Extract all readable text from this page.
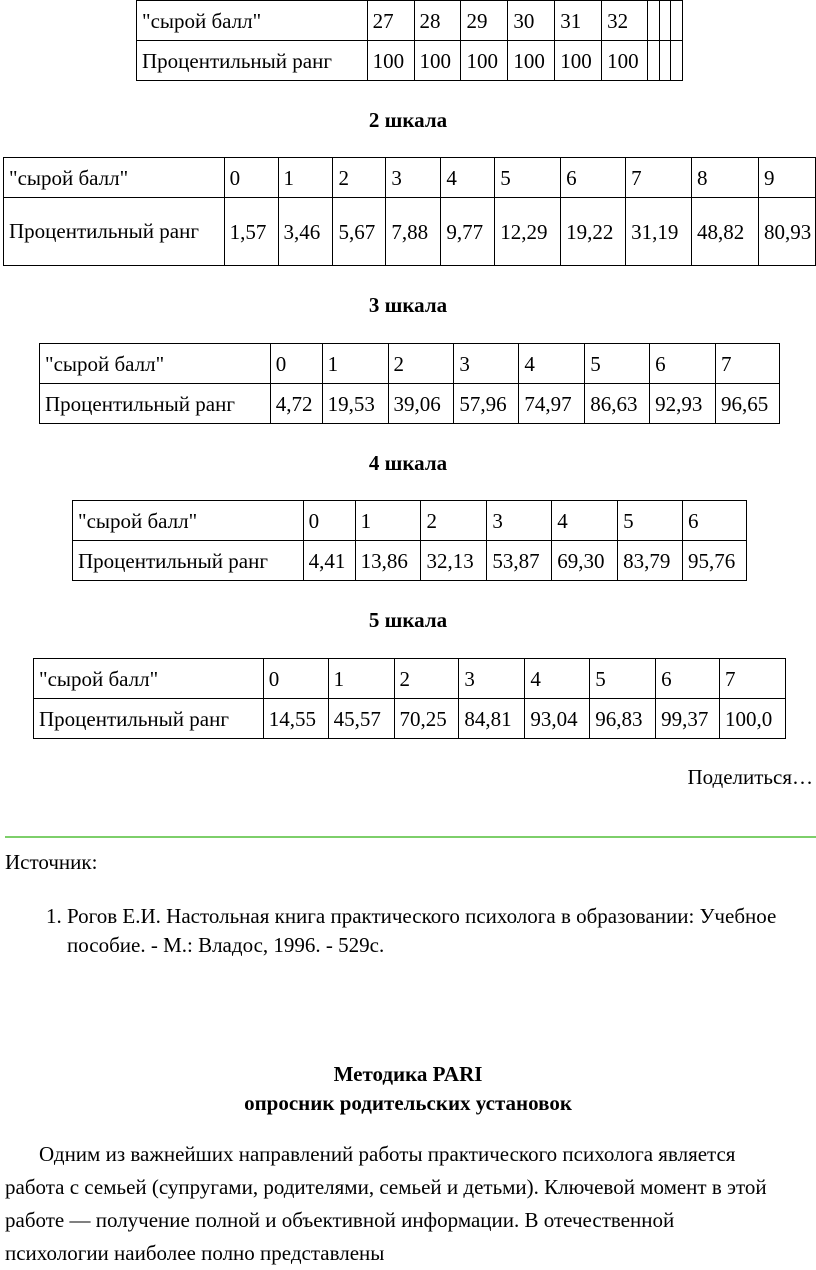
"сырой балл"	27	28	29	30	31	32			
Процентильный ранг	100	100	100	100	100	100			
2 шкала
"сырой балл"	0	1	2	3	4	5	6	7	8	9
Процентильный ранг	1,57	3,46	5,67	7,88	9,77	12,29	19,22	31,19	48,82	80,93
3 шкала
"сырой балл"	0	1	2	3	4	5	6	7
Процентильный ранг	4,72	19,53	39,06	57,96	74,97	86,63	92,93	96,65
4 шкала
"сырой балл"	0	1	2	3	4	5	6
Процентильный ранг	4,41	13,86	32,13	53,87	69,30	83,79	95,76
5 шкала
"сырой балл"	0	1	2	3	4	5	6	7
Процентильный ранг	14,55	45,57	70,25	84,81	93,04	96,83	99,37	100,0
Поделиться…
Источник:
1. Рогов Е.И. Настольная книга практического психолога в образовании: Учебное пособие. - М.: Владос, 1996. - 529с.
Методика PARI
опросник родительских установок
Одним из важнейших направлений работы практического психолога является работа с семьей (супругами, родителями, семьей и детьми). Ключевой момент в этой работе — получение полной и объективной информации. В отечественной психологии наиболее полно представлены
